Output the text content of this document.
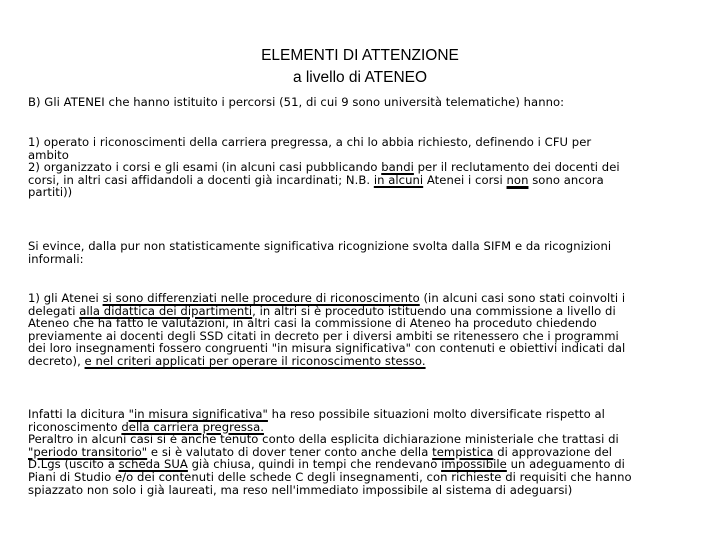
ELEMENTI DI ATTENZIONE
a livello di ATENEO
B) Gli ATENEI che hanno istituito i percorsi (51, di cui 9 sono università telematiche) hanno:
1) operato i riconoscimenti della carriera pregressa, a chi lo abbia richiesto, definendo i CFU per
ambito
2) organizzato i corsi e gli esami (in alcuni casi pubblicando bandi per il reclutamento dei docenti dei
corsi, in altri casi affidandoli a docenti già incardinati; N.B. in alcuni Atenei i corsi non sono ancora
partiti))
Si evince, dalla pur non statisticamente significativa ricognizione svolta dalla SIFM e da ricognizioni
informali:
1) gli Atenei si sono differenziati nelle procedure di riconoscimento (in alcuni casi sono stati coinvolti i
delegati alla didattica dei dipartimenti, in altri si è proceduto istituendo una commissione a livello di
Ateneo che ha fatto le valutazioni, in altri casi la commissione di Ateneo ha proceduto chiedendo
previamente ai docenti degli SSD citati in decreto per i diversi ambiti se ritenessero che i programmi
dei loro insegnamenti fossero congruenti "in misura significativa" con contenuti e obiettivi indicati dal
decreto), e nel criteri applicati per operare il riconoscimento stesso.
Infatti la dicitura "in misura significativa" ha reso possibile situazioni molto diversificate rispetto al
riconoscimento della carriera pregressa.
Peraltro in alcuni casi si è anche tenuto conto della esplicita dichiarazione ministeriale che trattasi di
"periodo transitorio" e si è valutato di dover tener conto anche della tempistica di approvazione del
D.Lgs (uscito a scheda SUA già chiusa, quindi in tempi che rendevano impossibile un adeguamento di
Piani di Studio e/o dei contenuti delle schede C degli insegnamenti, con richieste di requisiti che hanno
spiazzato non solo i già laureati, ma reso nell'immediato impossibile al sistema di adeguarsi)
